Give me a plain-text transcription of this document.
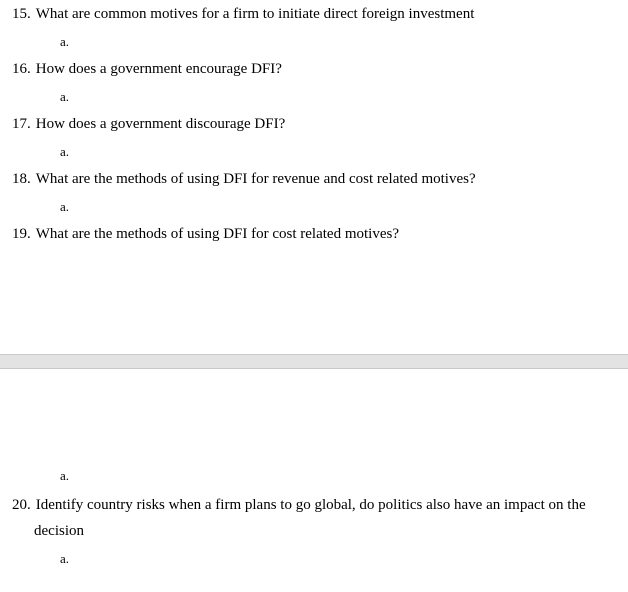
15. What are common motives for a firm to initiate direct foreign investment
a.
16. How does a government encourage DFI?
a.
17. How does a government discourage DFI?
a.
18. What are the methods of using DFI for revenue and cost related motives?
a.
19. What are the methods of using DFI for cost related motives?
a.
20. Identify country risks when a firm plans to go global, do politics also have an impact on the
decision
a.
